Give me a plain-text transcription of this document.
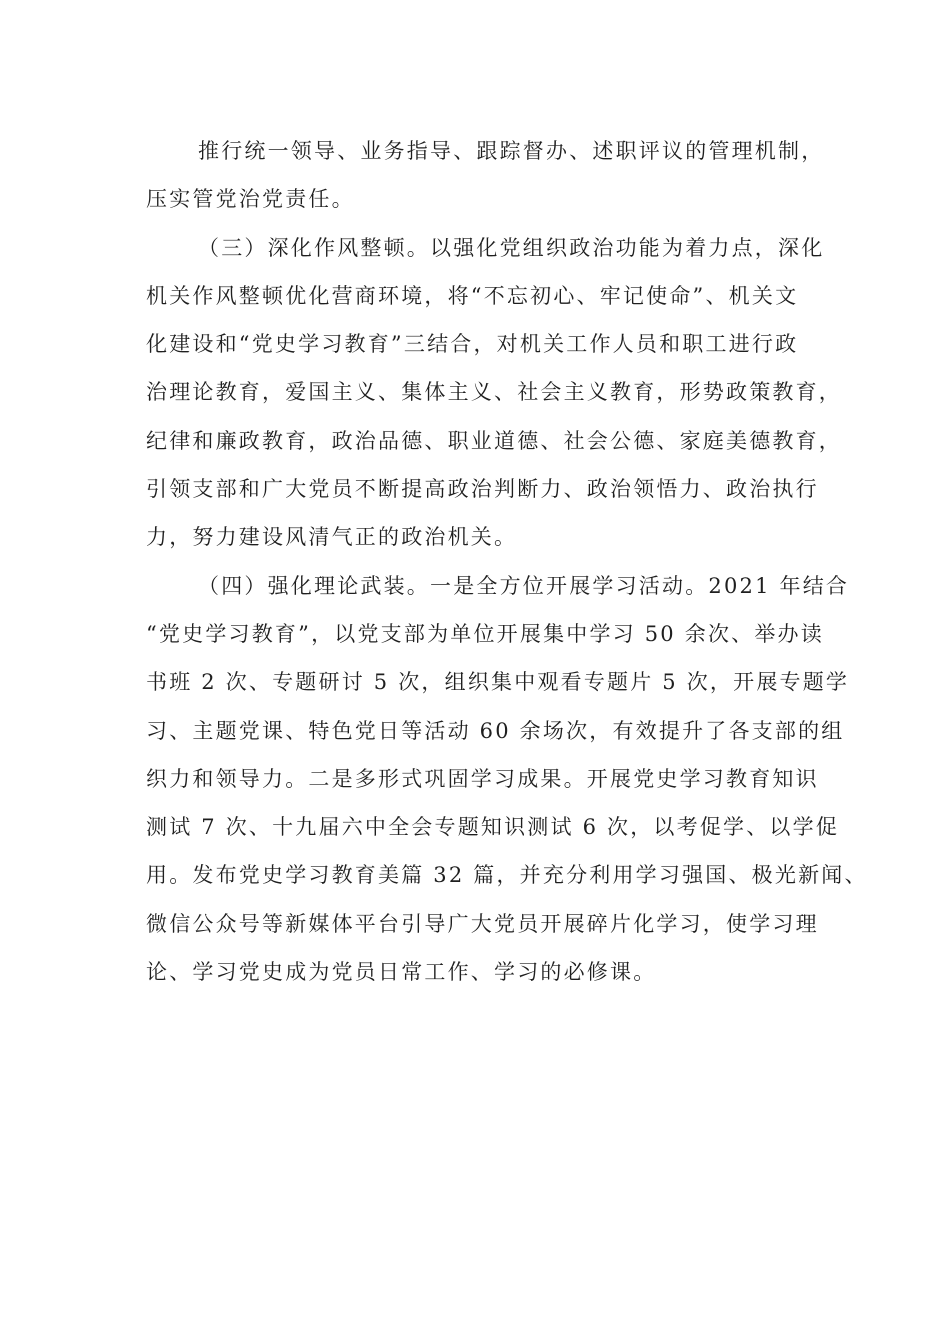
推行统一领导、业务指导、跟踪督办、述职评议的管理机制，
压实管党治党责任。
（三）深化作风整顿。以强化党组织政治功能为着力点，深化
机关作风整顿优化营商环境，将“不忘初心、牢记使命”、机关文
化建设和“党史学习教育”三结合，对机关工作人员和职工进行政
治理论教育，爱国主义、集体主义、社会主义教育，形势政策教育，
纪律和廉政教育，政治品德、职业道德、社会公德、家庭美德教育，
引领支部和广大党员不断提高政治判断力、政治领悟力、政治执行
力，努力建设风清气正的政治机关。
（四）强化理论武装。一是全方位开展学习活动。2021 年结合
“党史学习教育”，以党支部为单位开展集中学习 50 余次、举办读
书班 2 次、专题研讨 5 次，组织集中观看专题片 5 次，开展专题学
习、主题党课、特色党日等活动 60 余场次，有效提升了各支部的组
织力和领导力。二是多形式巩固学习成果。开展党史学习教育知识
测试 7 次、十九届六中全会专题知识测试 6 次，以考促学、以学促
用。发布党史学习教育美篇 32 篇，并充分利用学习强国、极光新闻、
微信公众号等新媒体平台引导广大党员开展碎片化学习，使学习理
论、学习党史成为党员日常工作、学习的必修课。
